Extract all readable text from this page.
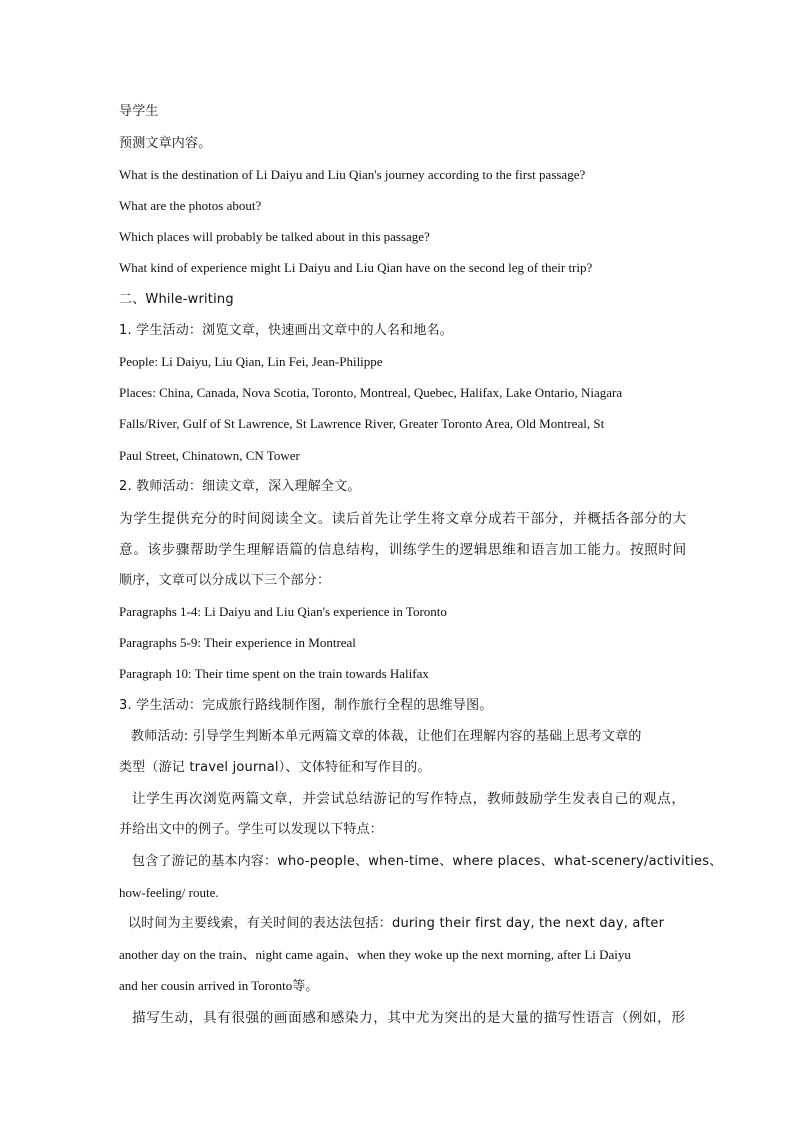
导学生
预测文章内容。
What is the destination of Li Daiyu and Liu Qian's journey according to the first passage?
What are the photos about?
Which places will probably be talked about in this passage?
What kind of experience might Li Daiyu and Liu Qian have on the second leg of their trip?
二、While-writing
1. 学生活动：浏览文章，快速画出文章中的人名和地名。
People: Li Daiyu, Liu Qian, Lin Fei, Jean-Philippe
Places: China, Canada, Nova Scotia, Toronto, Montreal, Quebec, Halifax, Lake Ontario, Niagara
Falls/River, Gulf of St Lawrence, St Lawrence River, Greater Toronto Area, Old Montreal, St
Paul Street, Chinatown, CN Tower
2. 教师活动：细读文章，深入理解全文。
为学生提供充分的时间阅读全文。读后首先让学生将文章分成若干部分，并概括各部分的大
意。该步骤帮助学生理解语篇的信息结构，训练学生的逻辑思维和语言加工能力。按照时间
顺序，文章可以分成以下三个部分：
Paragraphs 1-4: Li Daiyu and Liu Qian's experience in Toronto
Paragraphs 5-9: Their experience in Montreal
Paragraph 10: Their time spent on the train towards Halifax
3. 学生活动：完成旅行路线制作图，制作旅行全程的思维导图。
教师活动: 引导学生判断本单元两篇文章的体裁，让他们在理解内容的基础上思考文章的
类型（游记 travel journal）、文体特征和写作目的。
让学生再次浏览两篇文章，并尝试总结游记的写作特点，教师鼓励学生发表自己的观点，
并给出文中的例子。学生可以发现以下特点：
包含了游记的基本内容：who-people、when-time、where places、what-scenery/activities、
how-feeling/ route.
以时间为主要线索，有关时间的表达法包括：during their first day, the next day, after
another day on the train、night came again、when they woke up the next morning, after Li Daiyu
and her cousin arrived in Toronto等。
描写生动，具有很强的画面感和感染力，其中尤为突出的是大量的描写性语言（例如，形
